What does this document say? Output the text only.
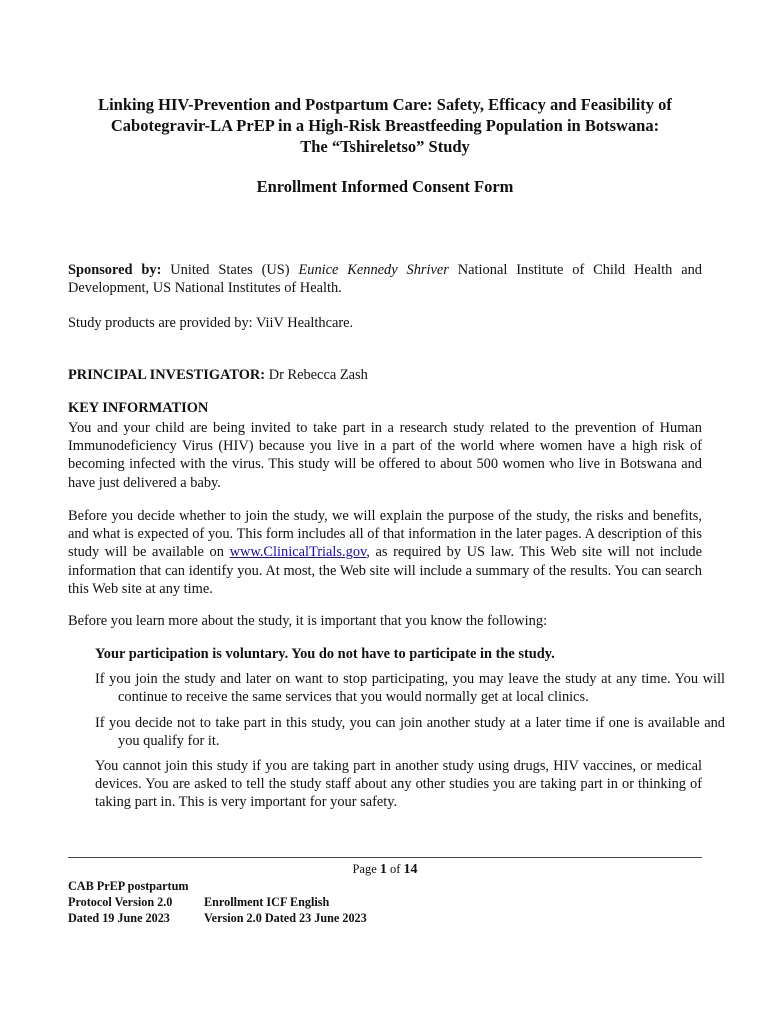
Linking HIV-Prevention and Postpartum Care: Safety, Efficacy and Feasibility of
Cabotegravir-LA PrEP in a High-Risk Breastfeeding Population in Botswana:
The “Tshireletso” Study
Enrollment Informed Consent Form
Sponsored by: United States (US) Eunice Kennedy Shriver National Institute of Child Health and Development, US National Institutes of Health.
Study products are provided by: ViiV Healthcare.
PRINCIPAL INVESTIGATOR: Dr Rebecca Zash
KEY INFORMATION
You and your child are being invited to take part in a research study related to the prevention of Human Immunodeficiency Virus (HIV) because you live in a part of the world where women have a high risk of becoming infected with the virus. This study will be offered to about 500 women who live in Botswana and have just delivered a baby.
Before you decide whether to join the study, we will explain the purpose of the study, the risks and benefits, and what is expected of you. This form includes all of that information in the later pages. A description of this study will be available on www.ClinicalTrials.gov, as required by US law. This Web site will not include information that can identify you. At most, the Web site will include a summary of the results. You can search this Web site at any time.
Before you learn more about the study, it is important that you know the following:
Your participation is voluntary. You do not have to participate in the study.
If you join the study and later on want to stop participating, you may leave the study at any time. You will continue to receive the same services that you would normally get at local clinics.
If you decide not to take part in this study, you can join another study at a later time if one is available and you qualify for it.
You cannot join this study if you are taking part in another study using drugs, HIV vaccines, or medical devices. You are asked to tell the study staff about any other studies you are taking part in or thinking of taking part in. This is very important for your safety.
Page 1 of 14
CAB PrEP postpartum
Protocol Version 2.0
Dated 19 June 2023
Enrollment ICF English
Version 2.0 Dated 23 June 2023
